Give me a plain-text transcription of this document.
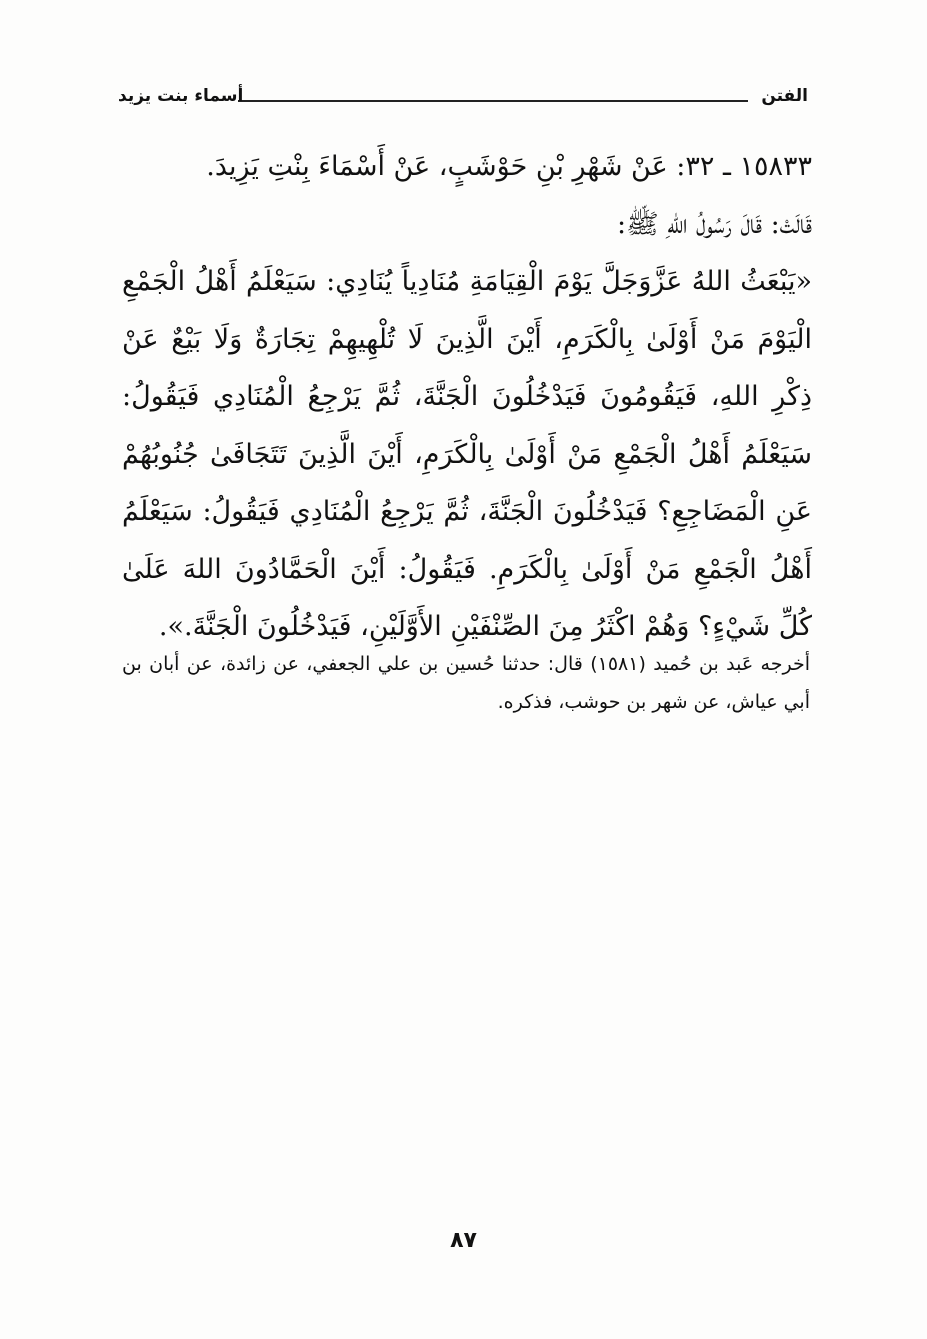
الفتن
أسماء بنت يزيد

١٥٨٣٣ ـ ٣٢: عَنْ شَهْرِ بْنِ حَوْشَبٍ، عَنْ أَسْمَاءَ بِنْتِ يَزِيدَ.

قَالَتْ: قَالَ رَسُولُ اللهِ ﷺ:

«يَبْعَثُ اللهُ عَزَّوَجَلَّ يَوْمَ الْقِيَامَةِ مُنَادِياً يُنَادِي: سَيَعْلَمُ أَهْلُ الْجَمْعِ الْيَوْمَ مَنْ أَوْلَىٰ بِالْكَرَمِ، أَيْنَ الَّذِينَ لَا تُلْهِيهِمْ تِجَارَةٌ وَلَا بَيْعٌ عَنْ ذِكْرِ اللهِ، فَيَقُومُونَ فَيَدْخُلُونَ الْجَنَّةَ، ثُمَّ يَرْجِعُ الْمُنَادِي فَيَقُولُ: سَيَعْلَمُ أَهْلُ الْجَمْعِ مَنْ أَوْلَىٰ بِالْكَرَمِ، أَيْنَ الَّذِينَ تَتَجَافَىٰ جُنُوبُهُمْ عَنِ الْمَضَاجِعِ؟ فَيَدْخُلُونَ الْجَنَّةَ، ثُمَّ يَرْجِعُ الْمُنَادِي فَيَقُولُ: سَيَعْلَمُ أَهْلُ الْجَمْعِ مَنْ أَوْلَىٰ بِالْكَرَمِ. فَيَقُولُ: أَيْنَ الْحَمَّادُونَ اللهَ عَلَىٰ كُلِّ شَيْءٍ؟ وَهُمْ اكْثَرُ مِنَ الصِّنْفَيْنِ الأَوَّلَيْنِ، فَيَدْخُلُونَ الْجَنَّةَ.».

أخرجه عَبد بن حُميد (١٥٨١) قال: حدثنا حُسين بن علي الجعفي، عن زائدة، عن أبان بن أبي عياش، عن شهر بن حوشب، فذكره.

٨٧
